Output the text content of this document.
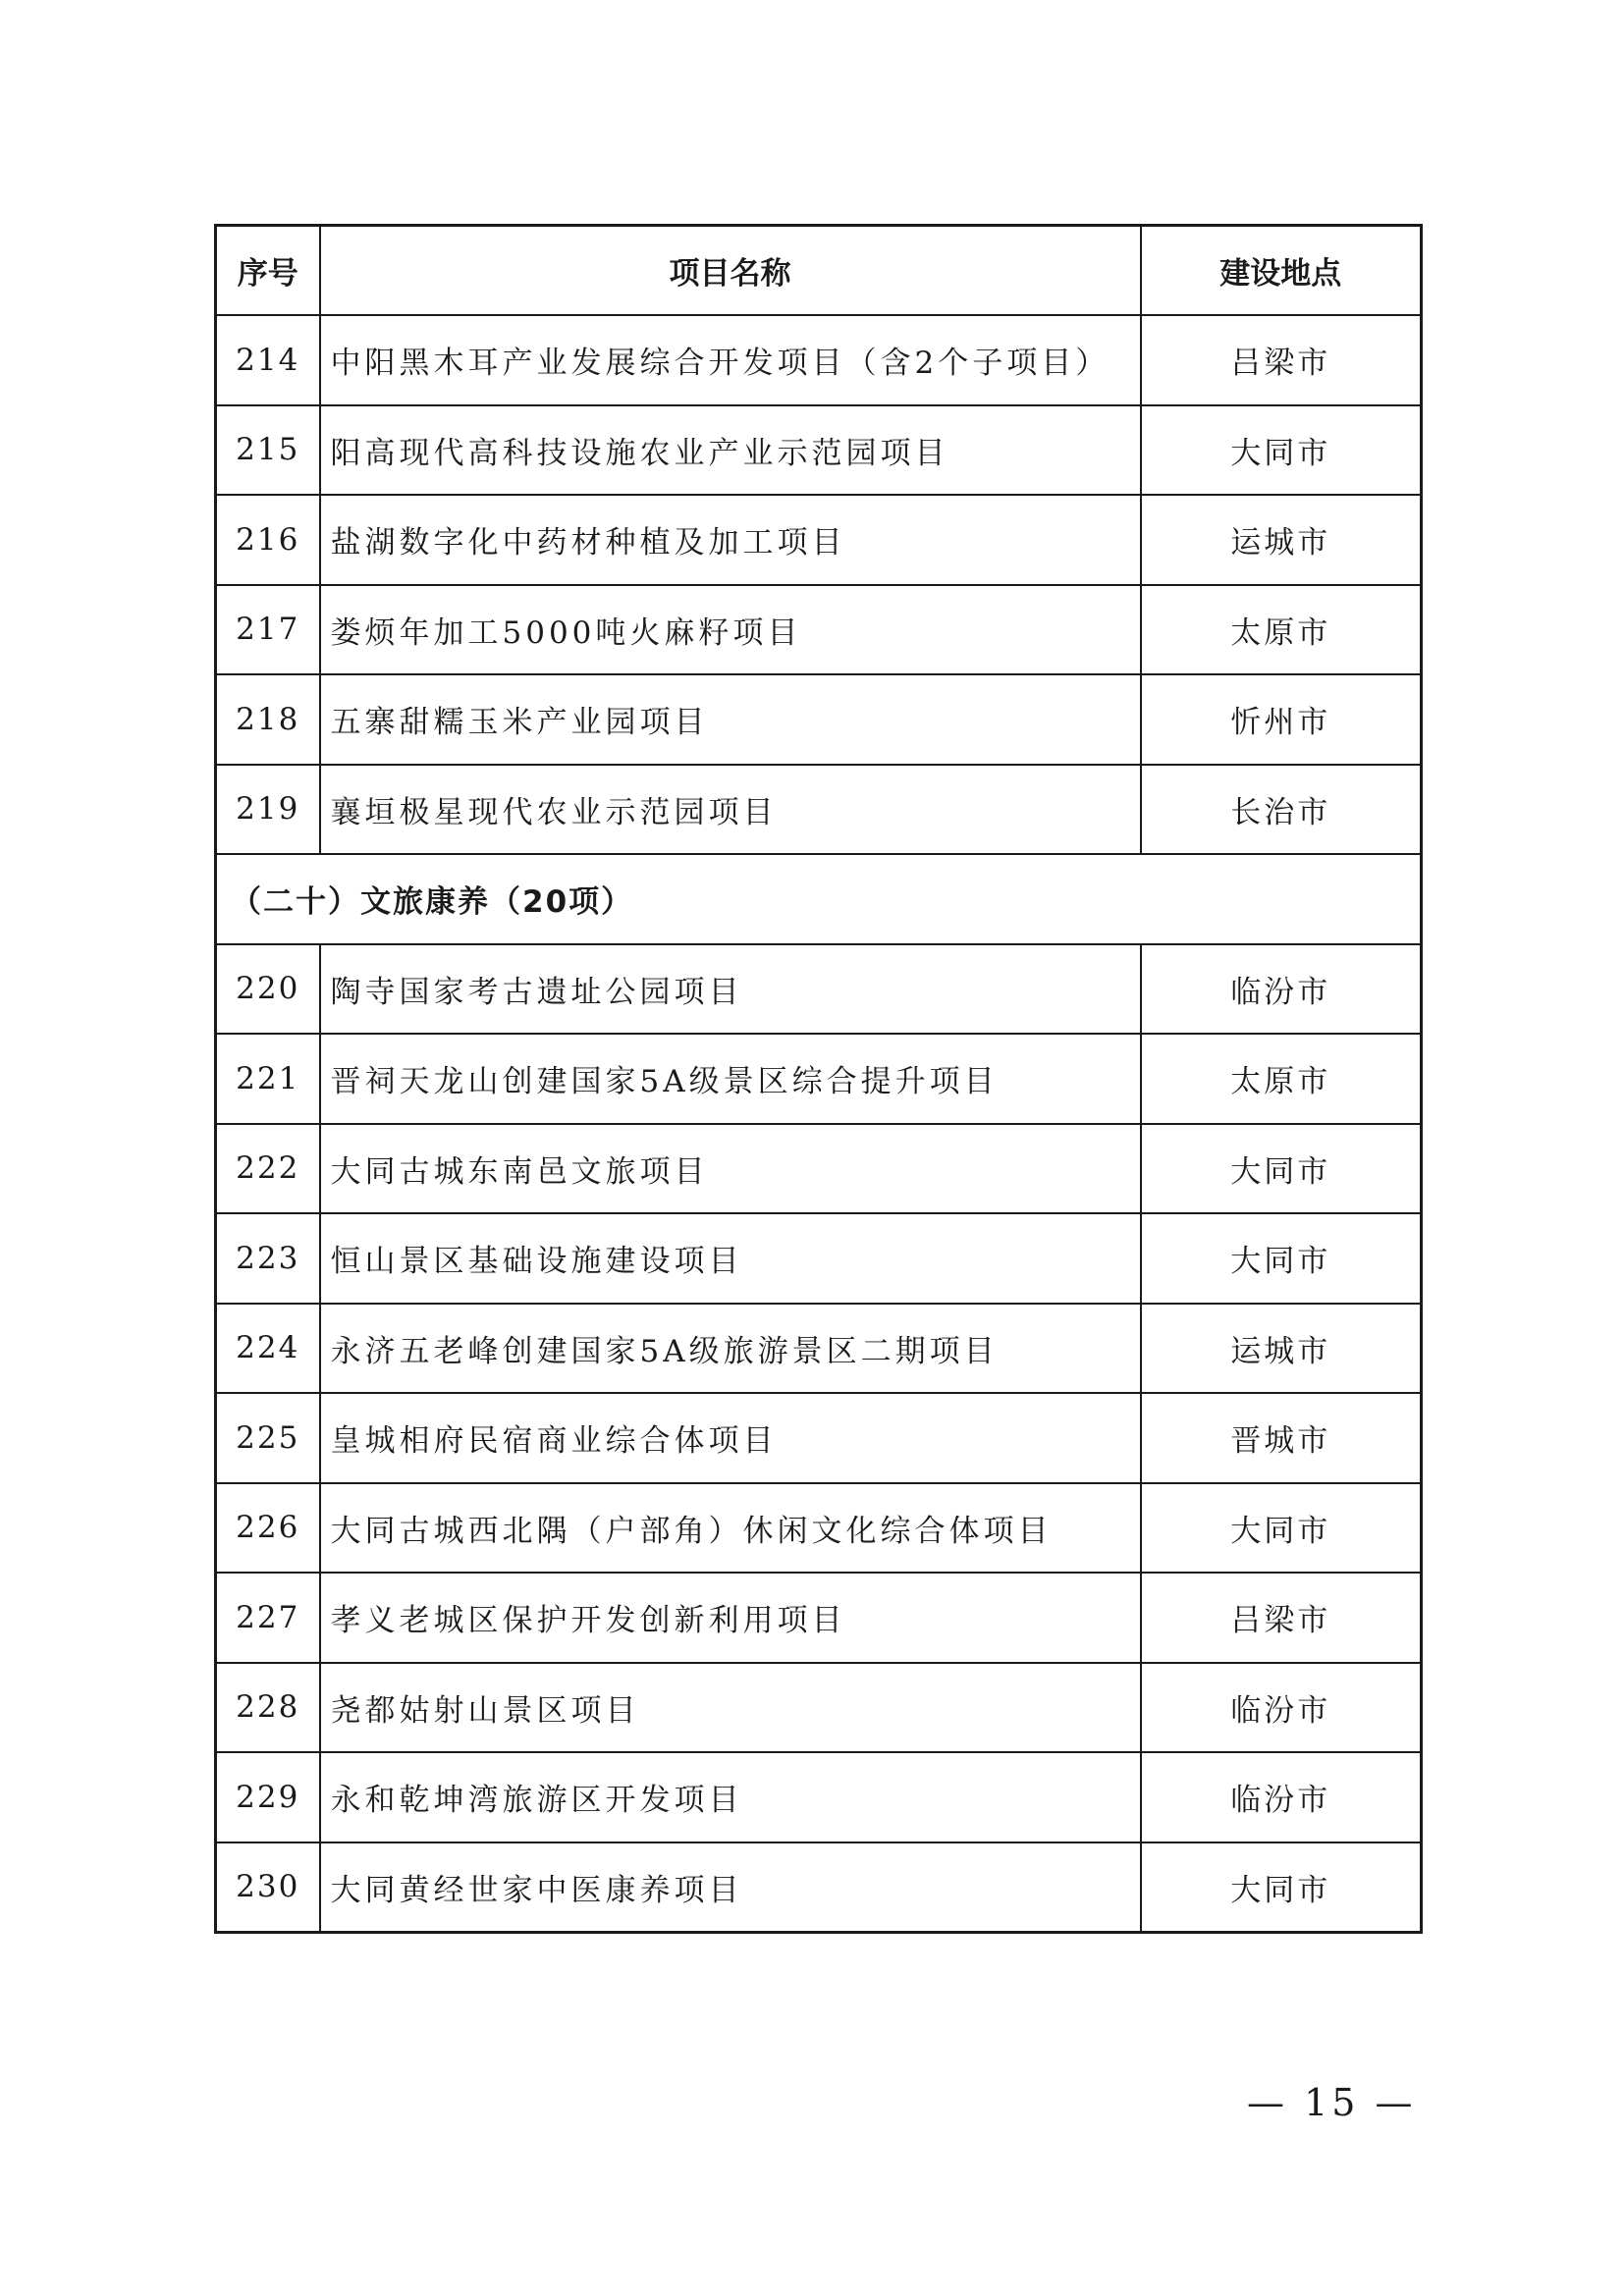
序号	项目名称	建设地点
214	中阳黑木耳产业发展综合开发项目（含2个子项目）	吕梁市
215	阳高现代高科技设施农业产业示范园项目	大同市
216	盐湖数字化中药材种植及加工项目	运城市
217	娄烦年加工5000吨火麻籽项目	太原市
218	五寨甜糯玉米产业园项目	忻州市
219	襄垣极星现代农业示范园项目	长治市
（二十）文旅康养（20项）		
220	陶寺国家考古遗址公园项目	临汾市
221	晋祠天龙山创建国家5A级景区综合提升项目	太原市
222	大同古城东南邑文旅项目	大同市
223	恒山景区基础设施建设项目	大同市
224	永济五老峰创建国家5A级旅游景区二期项目	运城市
225	皇城相府民宿商业综合体项目	晋城市
226	大同古城西北隅（户部角）休闲文化综合体项目	大同市
227	孝义老城区保护开发创新利用项目	吕梁市
228	尧都姑射山景区项目	临汾市
229	永和乾坤湾旅游区开发项目	临汾市
230	大同黄经世家中医康养项目	大同市
— 15 —
